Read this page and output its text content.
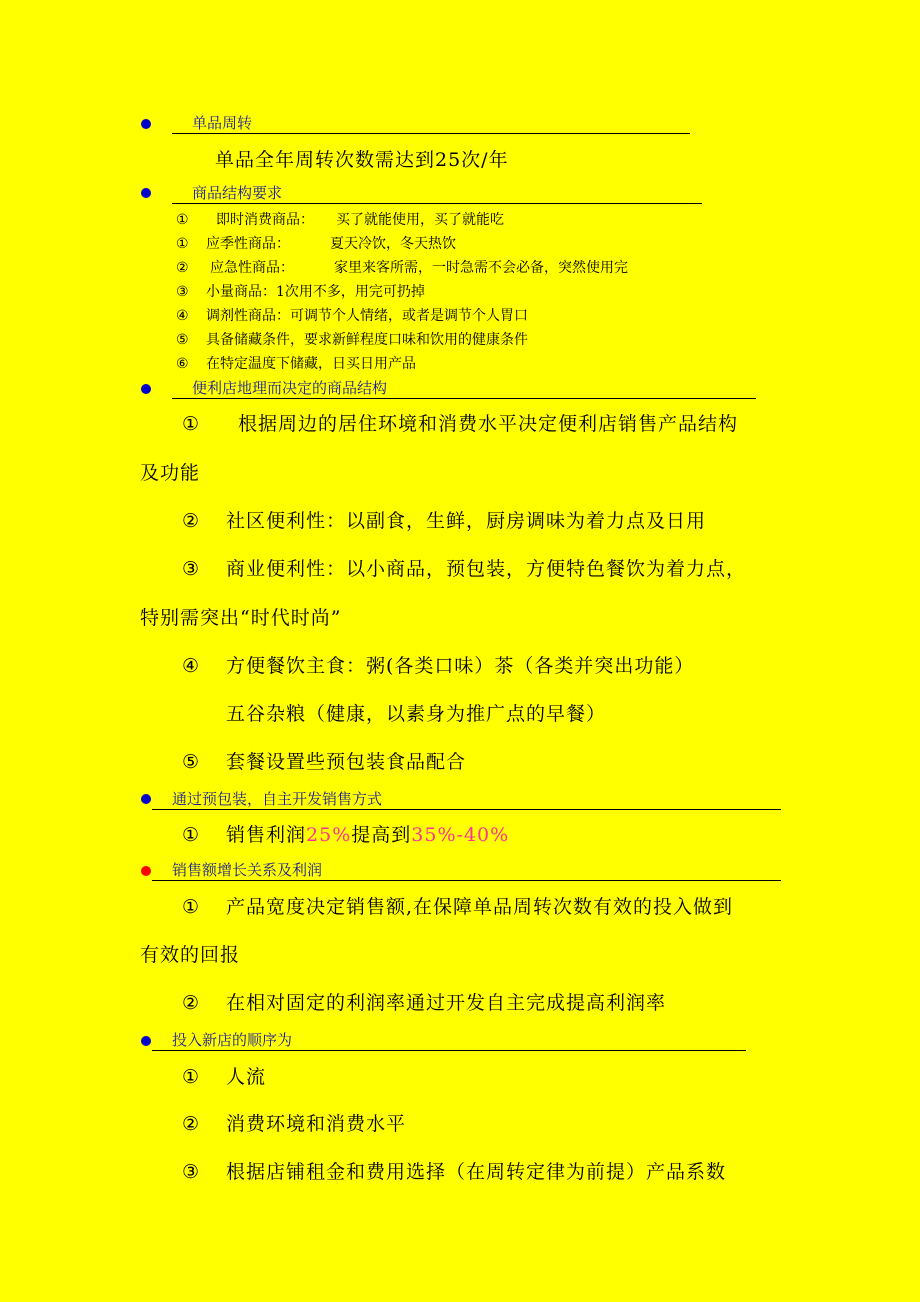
单品周转
单品全年周转次数需达到25次/年
商品结构要求
① 即时消费商品： 买了就能使用，买了就能吃
① 应季性商品：	夏天冷饮，冬天热饮
② 应急性商品：	家里来客所需，一时急需不会必备，突然使用完
③ 小量商品：1次用不多，用完可扔掉
④ 调剂性商品：可调节个人情绪，或者是调节个人胃口
⑤ 具备储藏条件，要求新鲜程度口味和饮用的健康条件
⑥ 在特定温度下储藏，日买日用产品
便利店地理而决定的商品结构
① 根据周边的居住环境和消费水平决定便利店销售产品结构
及功能
② 社区便利性：以副食，生鲜，厨房调味为着力点及日用
③ 商业便利性：以小商品，预包装，方便特色餐饮为着力点，
特别需突出“时代时尚”
④ 方便餐饮主食：粥(各类口味）茶（各类并突出功能）
五谷杂粮（健康，以素身为推广点的早餐）
⑤ 套餐设置些预包装食品配合
通过预包装，自主开发销售方式
① 销售利润25%提高到35%-40%
销售额增长关系及利润
① 产品宽度决定销售额,在保障单品周转次数有效的投入做到
有效的回报
② 在相对固定的利润率通过开发自主完成提高利润率
投入新店的顺序为
① 人流
② 消费环境和消费水平
③ 根据店铺租金和费用选择（在周转定律为前提）产品系数
